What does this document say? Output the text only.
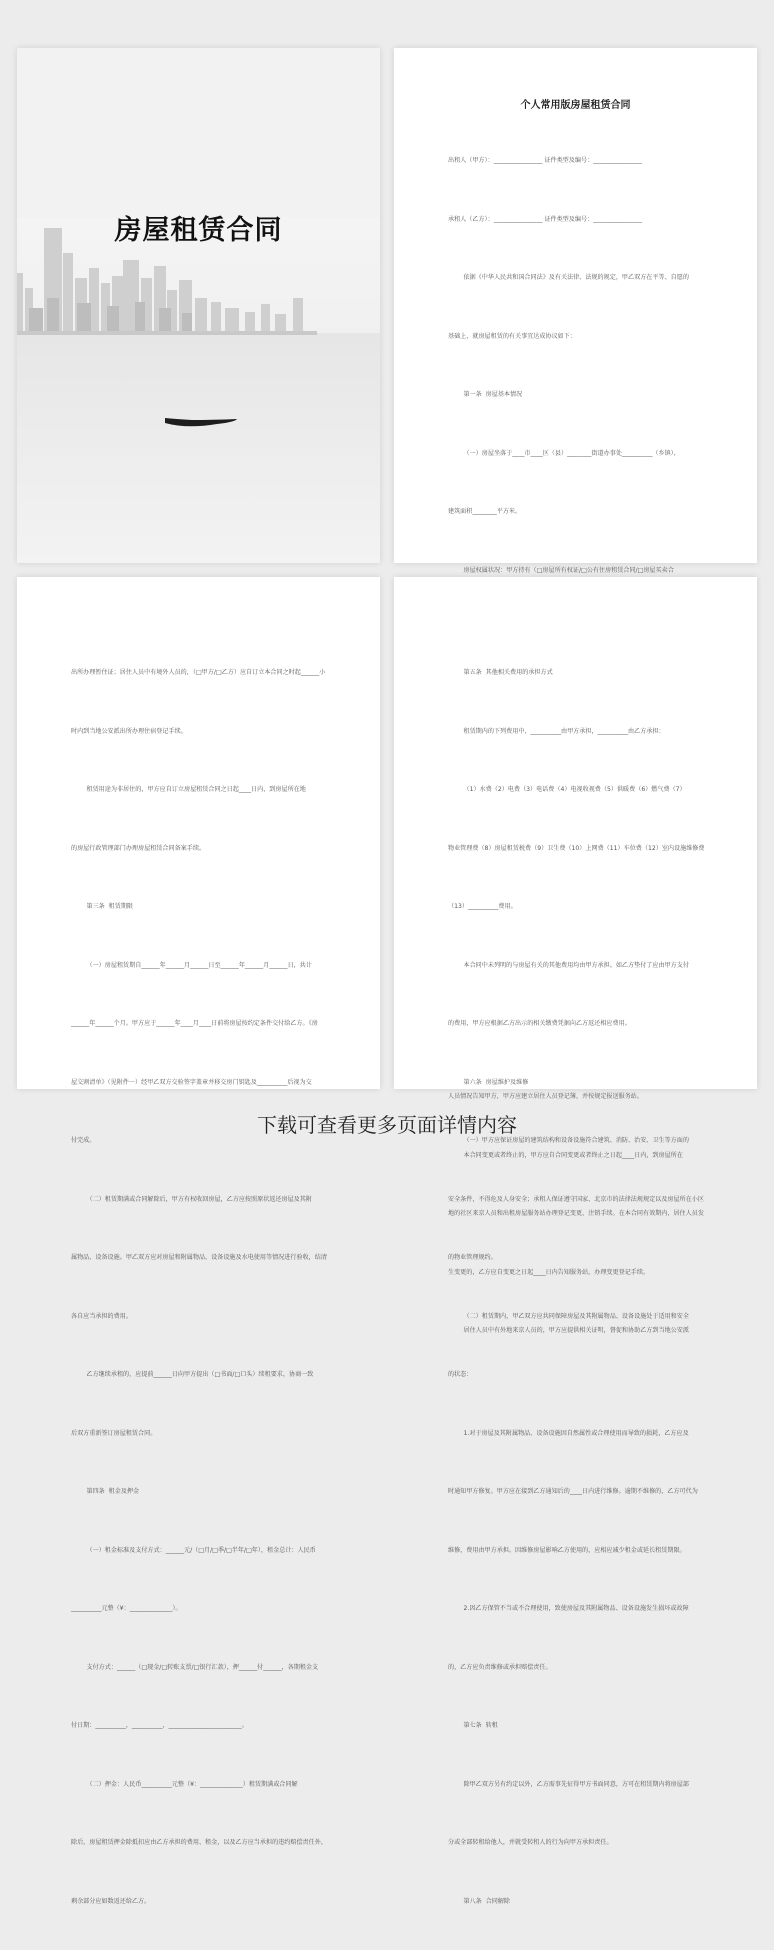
房屋租赁合同
个人常用版房屋租赁合同

出租人（甲方）：________________ 证件类型及编号：________________

承租人（乙方）：________________ 证件类型及编号：________________

依据《中华人民共和国合同法》及有关法律、法规的规定，甲乙双方在平等、自愿的

基础上，就房屋租赁的有关事宜达成协议如下：

第一条  房屋基本情况

（一）房屋坐落于____市____区（县）________街道办事处__________（乡镇），

建筑面积________平方米。

房屋权属状况：甲方持有（□房屋所有权证/□公有住房租赁合同/□房屋买卖合

人员情况告知甲方，甲方应建立居住人员登记簿，并按规定报送服务站。

本合同变更或者终止的，甲方应自合同变更或者终止之日起____日内，到房屋所在

地的社区来京人员和出租房屋服务站办理登记变更、注销手续。在本合同有效期内，居住人员发

生变更的，乙方应自变更之日起____日内告知服务站，办理变更登记手续。

居住人员中有外地来京人员的，甲方应提供相关证明，督促和协助乙方到当地公安派

出所办理暂住证；居住人员中有境外人员的，（□甲方/□乙方）应自订立本合同之时起______小

时内到当地公安派出所办理住宿登记手续。

租赁用途为非居住的，甲方应自订立房屋租赁合同之日起____日内，到房屋所在地

的房屋行政管理部门办理房屋租赁合同备案手续。

第三条  租赁期限

（一）房屋租赁期自______年______月______日至______年______月______日，共计

______年______个月。甲方应于______年____月____日前将房屋按约定条件交付给乙方。《房

屋交割清单》（见附件一）经甲乙双方交验签字盖章并移交房门钥匙及__________后视为交

付完成。

（二）租赁期满或合同解除后，甲方有权收回房屋，乙方应按照原状返还房屋及其附

属物品、设备设施。甲乙双方应对房屋和附属物品、设备设施及水电使用等情况进行验收，结清

各自应当承担的费用。

乙方继续承租的，应提前______日向甲方提出（□书面/□口头）续租要求，协商一致

后双方重新签订房屋租赁合同。

第四条  租金及押金

（一）租金标准及支付方式：______元/（□月/□季/□半年/□年），租金总计：人民币

__________元整（¥：______________）。

支付方式：______（□现金/□转账支票/□银行汇款），押______付______，各期租金支

付日期：__________，__________，________________________。

（二）押金：人民币__________元整（¥：______________）租赁期满或合同解

除后，房屋租赁押金除抵扣应由乙方承担的费用、租金，以及乙方应当承担的违约赔偿责任外，

剩余部分应如数返还给乙方。

第五条  其他相关费用的承担方式

租赁期内的下列费用中，__________由甲方承担，__________由乙方承担：

（1）水费（2）电费（3）电话费（4）电视收视费（5）供暖费（6）燃气费（7）

物业管理费（8）房屋租赁税费（9）卫生费（10）上网费（11）车位费（12）室内设施维修费

（13）__________费用。

本合同中未列明的与房屋有关的其他费用均由甲方承担。如乙方垫付了应由甲方支付

的费用，甲方应根据乙方出示的相关缴费凭据向乙方返还相应费用。

第六条  房屋维护及维修

（一）甲方应保证房屋的建筑结构和设备设施符合建筑、消防、治安、卫生等方面的

安全条件，不得危及人身安全；承租人保证遵守国家、北京市的法律法规规定以及房屋所在小区

的物业管理规约。

（二）租赁期内，甲乙双方应共同保障房屋及其附属物品、设备设施处于适用和安全

的状态：

1.对于房屋及其附属物品、设备设施因自然属性或合理使用而导致的损耗，乙方应及

时通知甲方修复。甲方应在接到乙方通知后的____日内进行维修。逾期不维修的，乙方可代为

维修，费用由甲方承担。因维修房屋影响乙方使用的，应相应减少租金或延长租赁期限。

2.因乙方保管不当或不合理使用，致使房屋及其附属物品、设备设施发生损坏或故障

的，乙方应负责维修或承担赔偿责任。

第七条  转租

除甲乙双方另有约定以外，乙方需事先征得甲方书面同意，方可在租赁期内将房屋部

分或全部转租给他人，并就受转租人的行为向甲方承担责任。

第八条  合同解除

下载可查看更多页面详情内容
